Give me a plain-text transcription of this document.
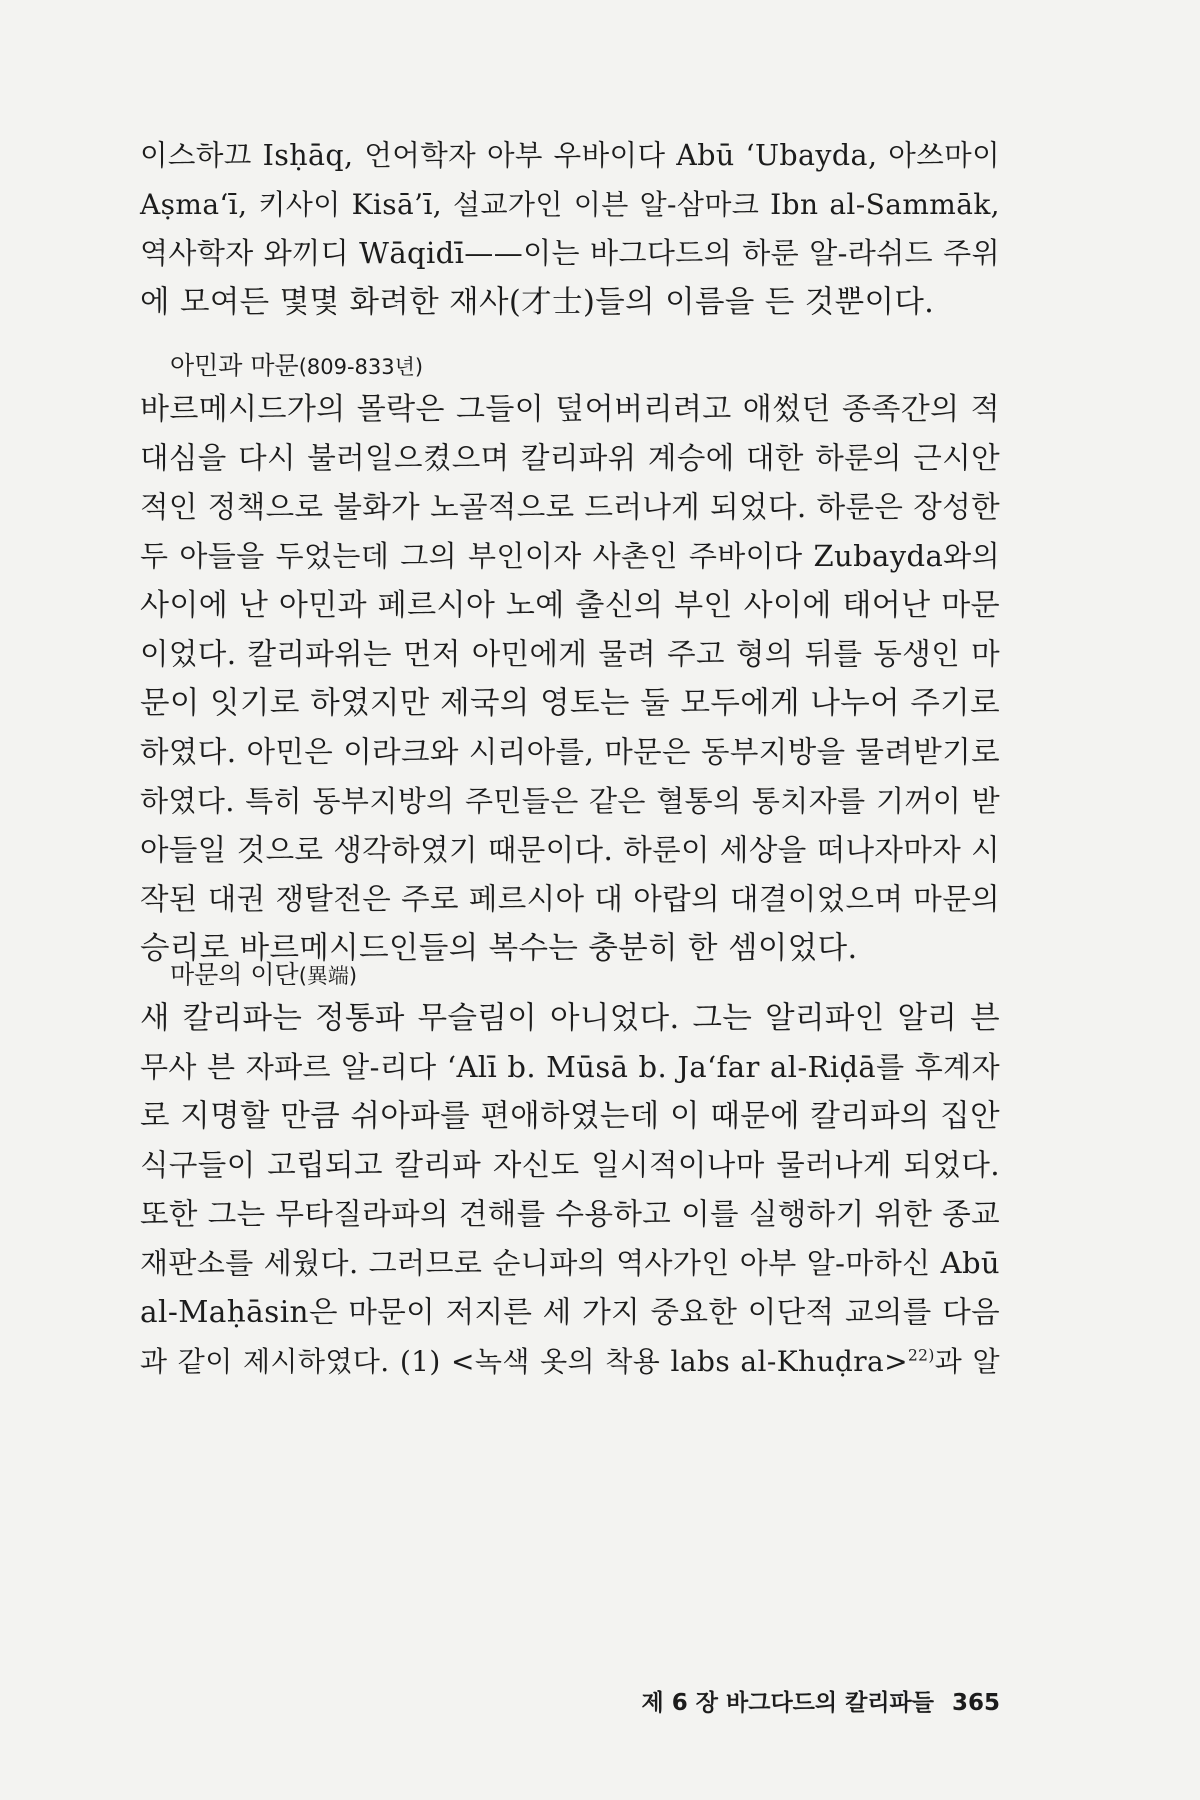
이스하끄 Isḥāq, 언어학자 아부 우바이다 Abū ‘Ubayda, 아쓰마이
Aṣma‘ī, 키사이 Kisā’ī, 설교가인 이븐 알-삼마크 Ibn al-Sammāk,
역사학자 와끼디 Wāqidī——이는 바그다드의 하룬 알-라쉬드 주위
에 모여든 몇몇 화려한 재사(才士)들의 이름을 든 것뿐이다.
아민과 마문(809-833년)
바르메시드가의 몰락은 그들이 덮어버리려고 애썼던 종족간의 적
대심을 다시 불러일으켰으며 칼리파위 계승에 대한 하룬의 근시안
적인 정책으로 불화가 노골적으로 드러나게 되었다. 하룬은 장성한
두 아들을 두었는데 그의 부인이자 사촌인 주바이다 Zubayda와의
사이에 난 아민과 페르시아 노예 출신의 부인 사이에 태어난 마문
이었다. 칼리파위는 먼저 아민에게 물려 주고 형의 뒤를 동생인 마
문이 잇기로 하였지만 제국의 영토는 둘 모두에게 나누어 주기로
하였다. 아민은 이라크와 시리아를, 마문은 동부지방을 물려받기로
하였다. 특히 동부지방의 주민들은 같은 혈통의 통치자를 기꺼이 받
아들일 것으로 생각하였기 때문이다. 하룬이 세상을 떠나자마자 시
작된 대권 쟁탈전은 주로 페르시아 대 아랍의 대결이었으며 마문의
승리로 바르메시드인들의 복수는 충분히 한 셈이었다.
마문의 이단(異端)
새 칼리파는 정통파 무슬림이 아니었다. 그는 알리파인 알리 븐
무사 븐 자파르 알-리다 ‘Alī b. Mūsā b. Ja‘far al-Riḍā를 후계자
로 지명할 만큼 쉬아파를 편애하였는데 이 때문에 칼리파의 집안
식구들이 고립되고 칼리파 자신도 일시적이나마 물러나게 되었다.
또한 그는 무타질라파의 견해를 수용하고 이를 실행하기 위한 종교
재판소를 세웠다. 그러므로 순니파의 역사가인 아부 알-마하신 Abū
al-Maḥāsin은 마문이 저지른 세 가지 중요한 이단적 교의를 다음
과 같이 제시하였다. (1) <녹색 옷의 착용 labs al-Khuḍra>$^{22)}$과 알
제 6 장 바그다드의 칼리파들 365
